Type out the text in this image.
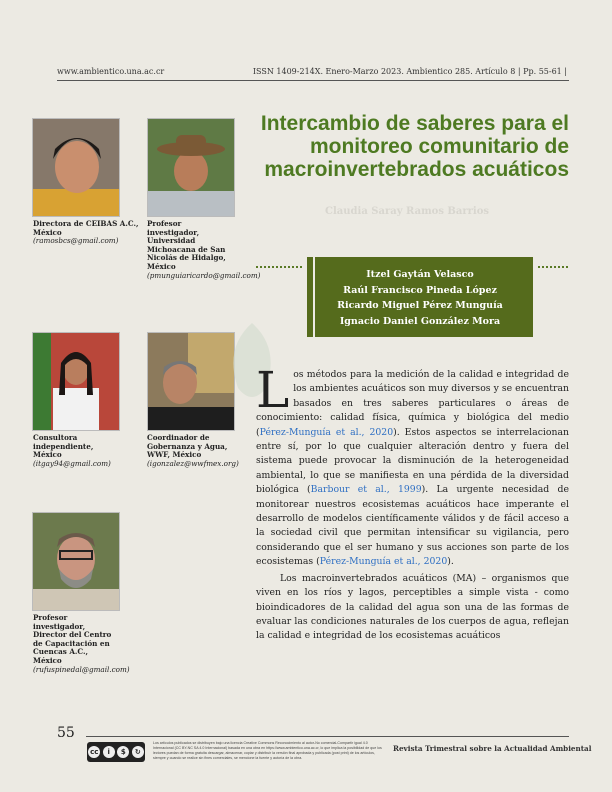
www.ambientico.una.ac.cr	ISSN 1409-214X. Enero-Marzo 2023. Ambientico 285. Artículo 8 | Pp. 55-61 |
Intercambio de saberes para el monitoreo comunitario de macroinvertebrados acuáticos
Claudia Saray Ramos Barrios
Directora de CEIBAS A.C., México (ramosbcs@gmail.com)
Profesor investigador, Universidad Michoacana de San Nicolás de Hidalgo, México (pmunguiaricardo@gmail.com)
Consultora independiente, México (itgay94@gmail.com)
Coordinador de Gobernanza y Agua, WWF, México (igonzalez@wwfmex.org)
Profesor investigador, Director del Centro de Capacitación en Cuencas A.C., México (rufuspinedal@gmail.com)
Itzel Gaytán Velasco
Raúl Francisco Pineda López
Ricardo Miguel Pérez Munguía
Ignacio Daniel González Mora

Los métodos para la medición de la calidad e integridad de los ambientes acuáticos son muy diversos y se encuentran basados en tres saberes particulares o áreas de conocimiento: calidad física, química y biológica del medio (Pérez-Munguía et al., 2020). Estos aspectos se interrelacionan entre sí, por lo que cualquier alteración dentro y fuera del sistema puede provocar la disminución de la heterogeneidad ambiental, lo que se manifiesta en una pérdida de la diversidad biológica (Barbour et al., 1999). La urgente necesidad de monitorear nuestros ecosistemas acuáticos hace imperante el desarrollo de modelos científicamente válidos y de fácil acceso a la sociedad civil que permitan intensificar su vigilancia, pero considerando que el ser humano y sus acciones son parte de los ecosistemas (Pérez-Munguía et al., 2020).

Los macroinvertebrados acuáticos (MA) – organismos que viven en los ríos y lagos, perceptibles a simple vista - como bioindicadores de la calidad del agua son una de las formas de evaluar las condiciones naturales de los cuerpos de agua, reflejan la calidad e integridad de los ecosistemas acuáticos

55
cc	i	$	↻
Los artículos publicados se distribuyen bajo una licencia Creative Commons Reconocimiento al autor-No comercial-Compartir igual 4.0 Internacional (CC BY-NC SA 4.0 Internacional) basada en una obra en https://www.ambientico.una.ac.cr, lo que implica la posibilidad de que los lectores puedan de forma gratuita descargar, almacenar, copiar y distribuir la versión final aprobada y publicada (post print) de los artículos, siempre y cuando se realice sin fines comerciales, se mencione la fuente y autoría de la obra.
Revista Trimestral sobre la Actualidad Ambiental
